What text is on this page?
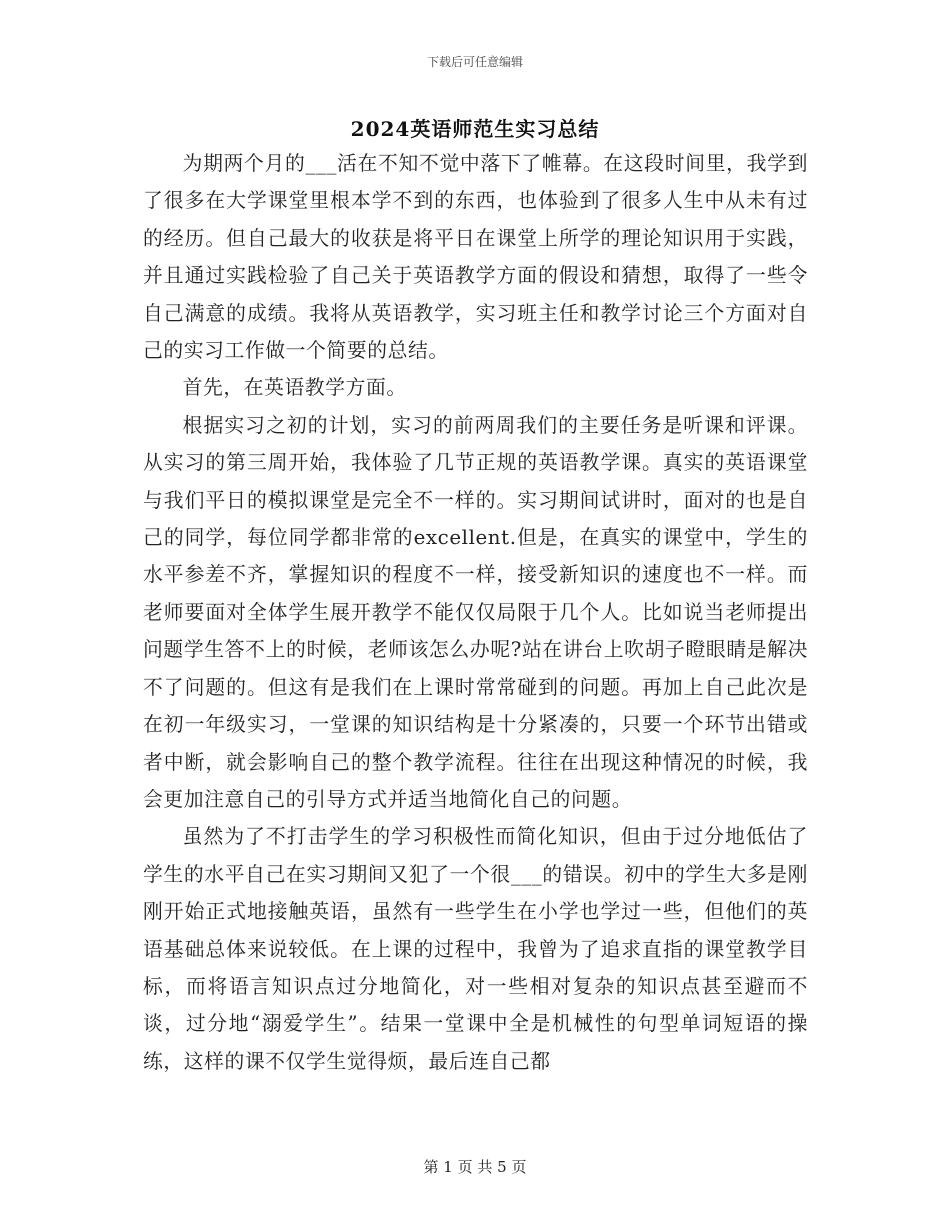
下载后可任意编辑
2024英语师范生实习总结

为期两个月的___活在不知不觉中落下了帷幕。在这段时间里，我学到了很多在大学课堂里根本学不到的东西，也体验到了很多人生中从未有过的经历。但自己最大的收获是将平日在课堂上所学的理论知识用于实践，并且通过实践检验了自己关于英语教学方面的假设和猜想，取得了一些令自己满意的成绩。我将从英语教学，实习班主任和教学讨论三个方面对自己的实习工作做一个简要的总结。

首先，在英语教学方面。

根据实习之初的计划，实习的前两周我们的主要任务是听课和评课。从实习的第三周开始，我体验了几节正规的英语教学课。真实的英语课堂与我们平日的模拟课堂是完全不一样的。实习期间试讲时，面对的也是自己的同学，每位同学都非常的excellent.但是，在真实的课堂中，学生的水平参差不齐，掌握知识的程度不一样，接受新知识的速度也不一样。而老师要面对全体学生展开教学不能仅仅局限于几个人。比如说当老师提出问题学生答不上的时候，老师该怎么办呢?站在讲台上吹胡子瞪眼睛是解决不了问题的。但这有是我们在上课时常常碰到的问题。再加上自己此次是在初一年级实习，一堂课的知识结构是十分紧凑的，只要一个环节出错或者中断，就会影响自己的整个教学流程。往往在出现这种情况的时候，我会更加注意自己的引导方式并适当地简化自己的问题。

虽然为了不打击学生的学习积极性而简化知识，但由于过分地低估了学生的水平自己在实习期间又犯了一个很___的错误。初中的学生大多是刚刚开始正式地接触英语，虽然有一些学生在小学也学过一些，但他们的英语基础总体来说较低。在上课的过程中，我曾为了追求直指的课堂教学目标，而将语言知识点过分地简化，对一些相对复杂的知识点甚至避而不谈，过分地“溺爱学生”。结果一堂课中全是机械性的句型单词短语的操练，这样的课不仅学生觉得烦，最后连自己都

第 1 页 共 5 页
